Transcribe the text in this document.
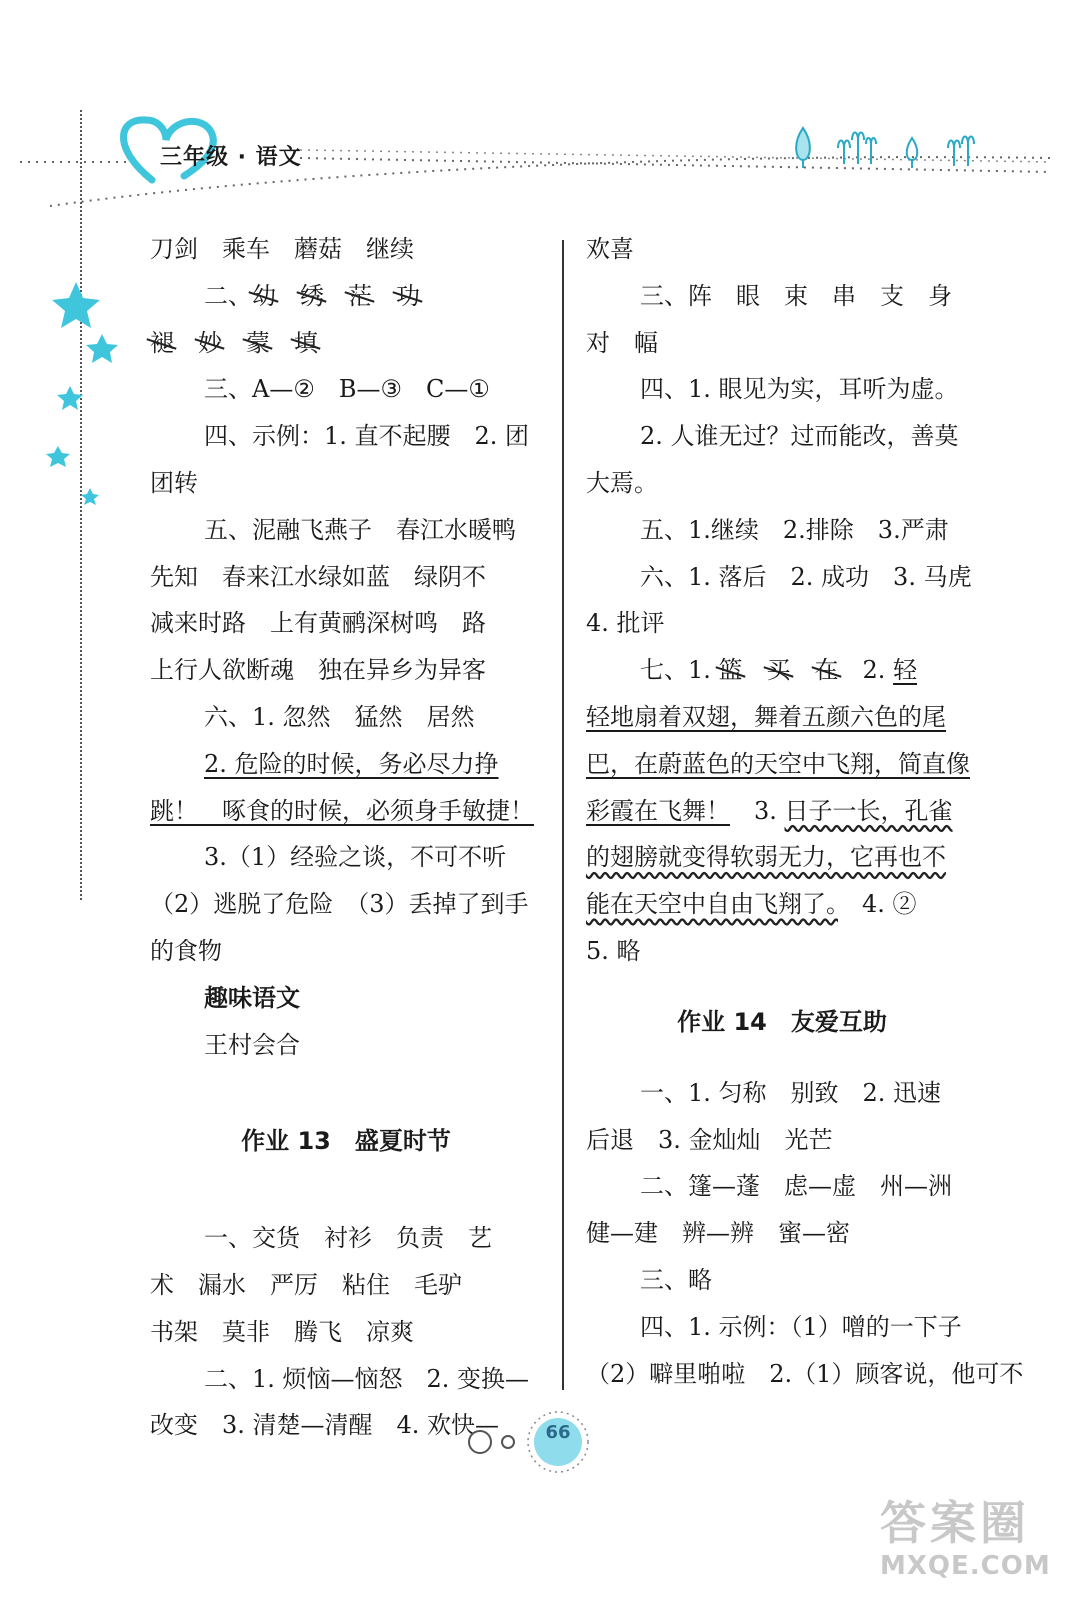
三年级 · 语文
刀剑　乘车　蘑菇　继续
二、幼　 绣　 茫　 功
褪　 妙　 蒙　 填
三、A—②　B—③　C—①
四、示例：1. 直不起腰　2. 团
团转
五、泥融飞燕子　春江水暖鸭
先知　春来江水绿如蓝　绿阴不
减来时路　上有黄鹂深树鸣　路
上行人欲断魂　独在异乡为异客
六、1. 忽然　猛然　居然
2. 危险的时候，务必尽力挣
跳！　啄食的时候，必须身手敏捷！
3.（1）经验之谈，不可不听
（2）逃脱了危险　（3）丢掉了到手
的食物
趣味语文
王村会合
作业 13　盛夏时节
一、交货　衬衫　负责　艺
术　漏水　严厉　粘住　毛驴
书架　莫非　腾飞　凉爽
二、1. 烦恼—恼怒　2. 变换—
改变　3. 清楚—清醒　4. 欢快—
欢喜
三、阵　眼　束　串　支　身
对　幅
四、1. 眼见为实，耳听为虚。
2. 人谁无过？过而能改，善莫
大焉。
五、1.继续　2.排除　3.严肃
六、1. 落后　2. 成功　3. 马虎
4. 批评
七、1. 篮　 买　 在　2. 轻
轻地扇着双翅，舞着五颜六色的尾
巴，在蔚蓝色的天空中飞翔，简直像
彩霞在飞舞！　3. 日子一长，孔雀
的翅膀就变得软弱无力，它再也不
能在天空中自由飞翔了。　4. ②
5. 略
作业 14　友爱互助
一、1. 匀称　别致　2. 迅速
后退　3. 金灿灿　光芒
二、篷—蓬　虑—虚　州—洲
健—建　辨—辨　蜜—密
三、略
四、1. 示例：（1）噌的一下子
（2）噼里啪啦　2.（1）顾客说，他可不
66
答案圈
MXQE.COM
